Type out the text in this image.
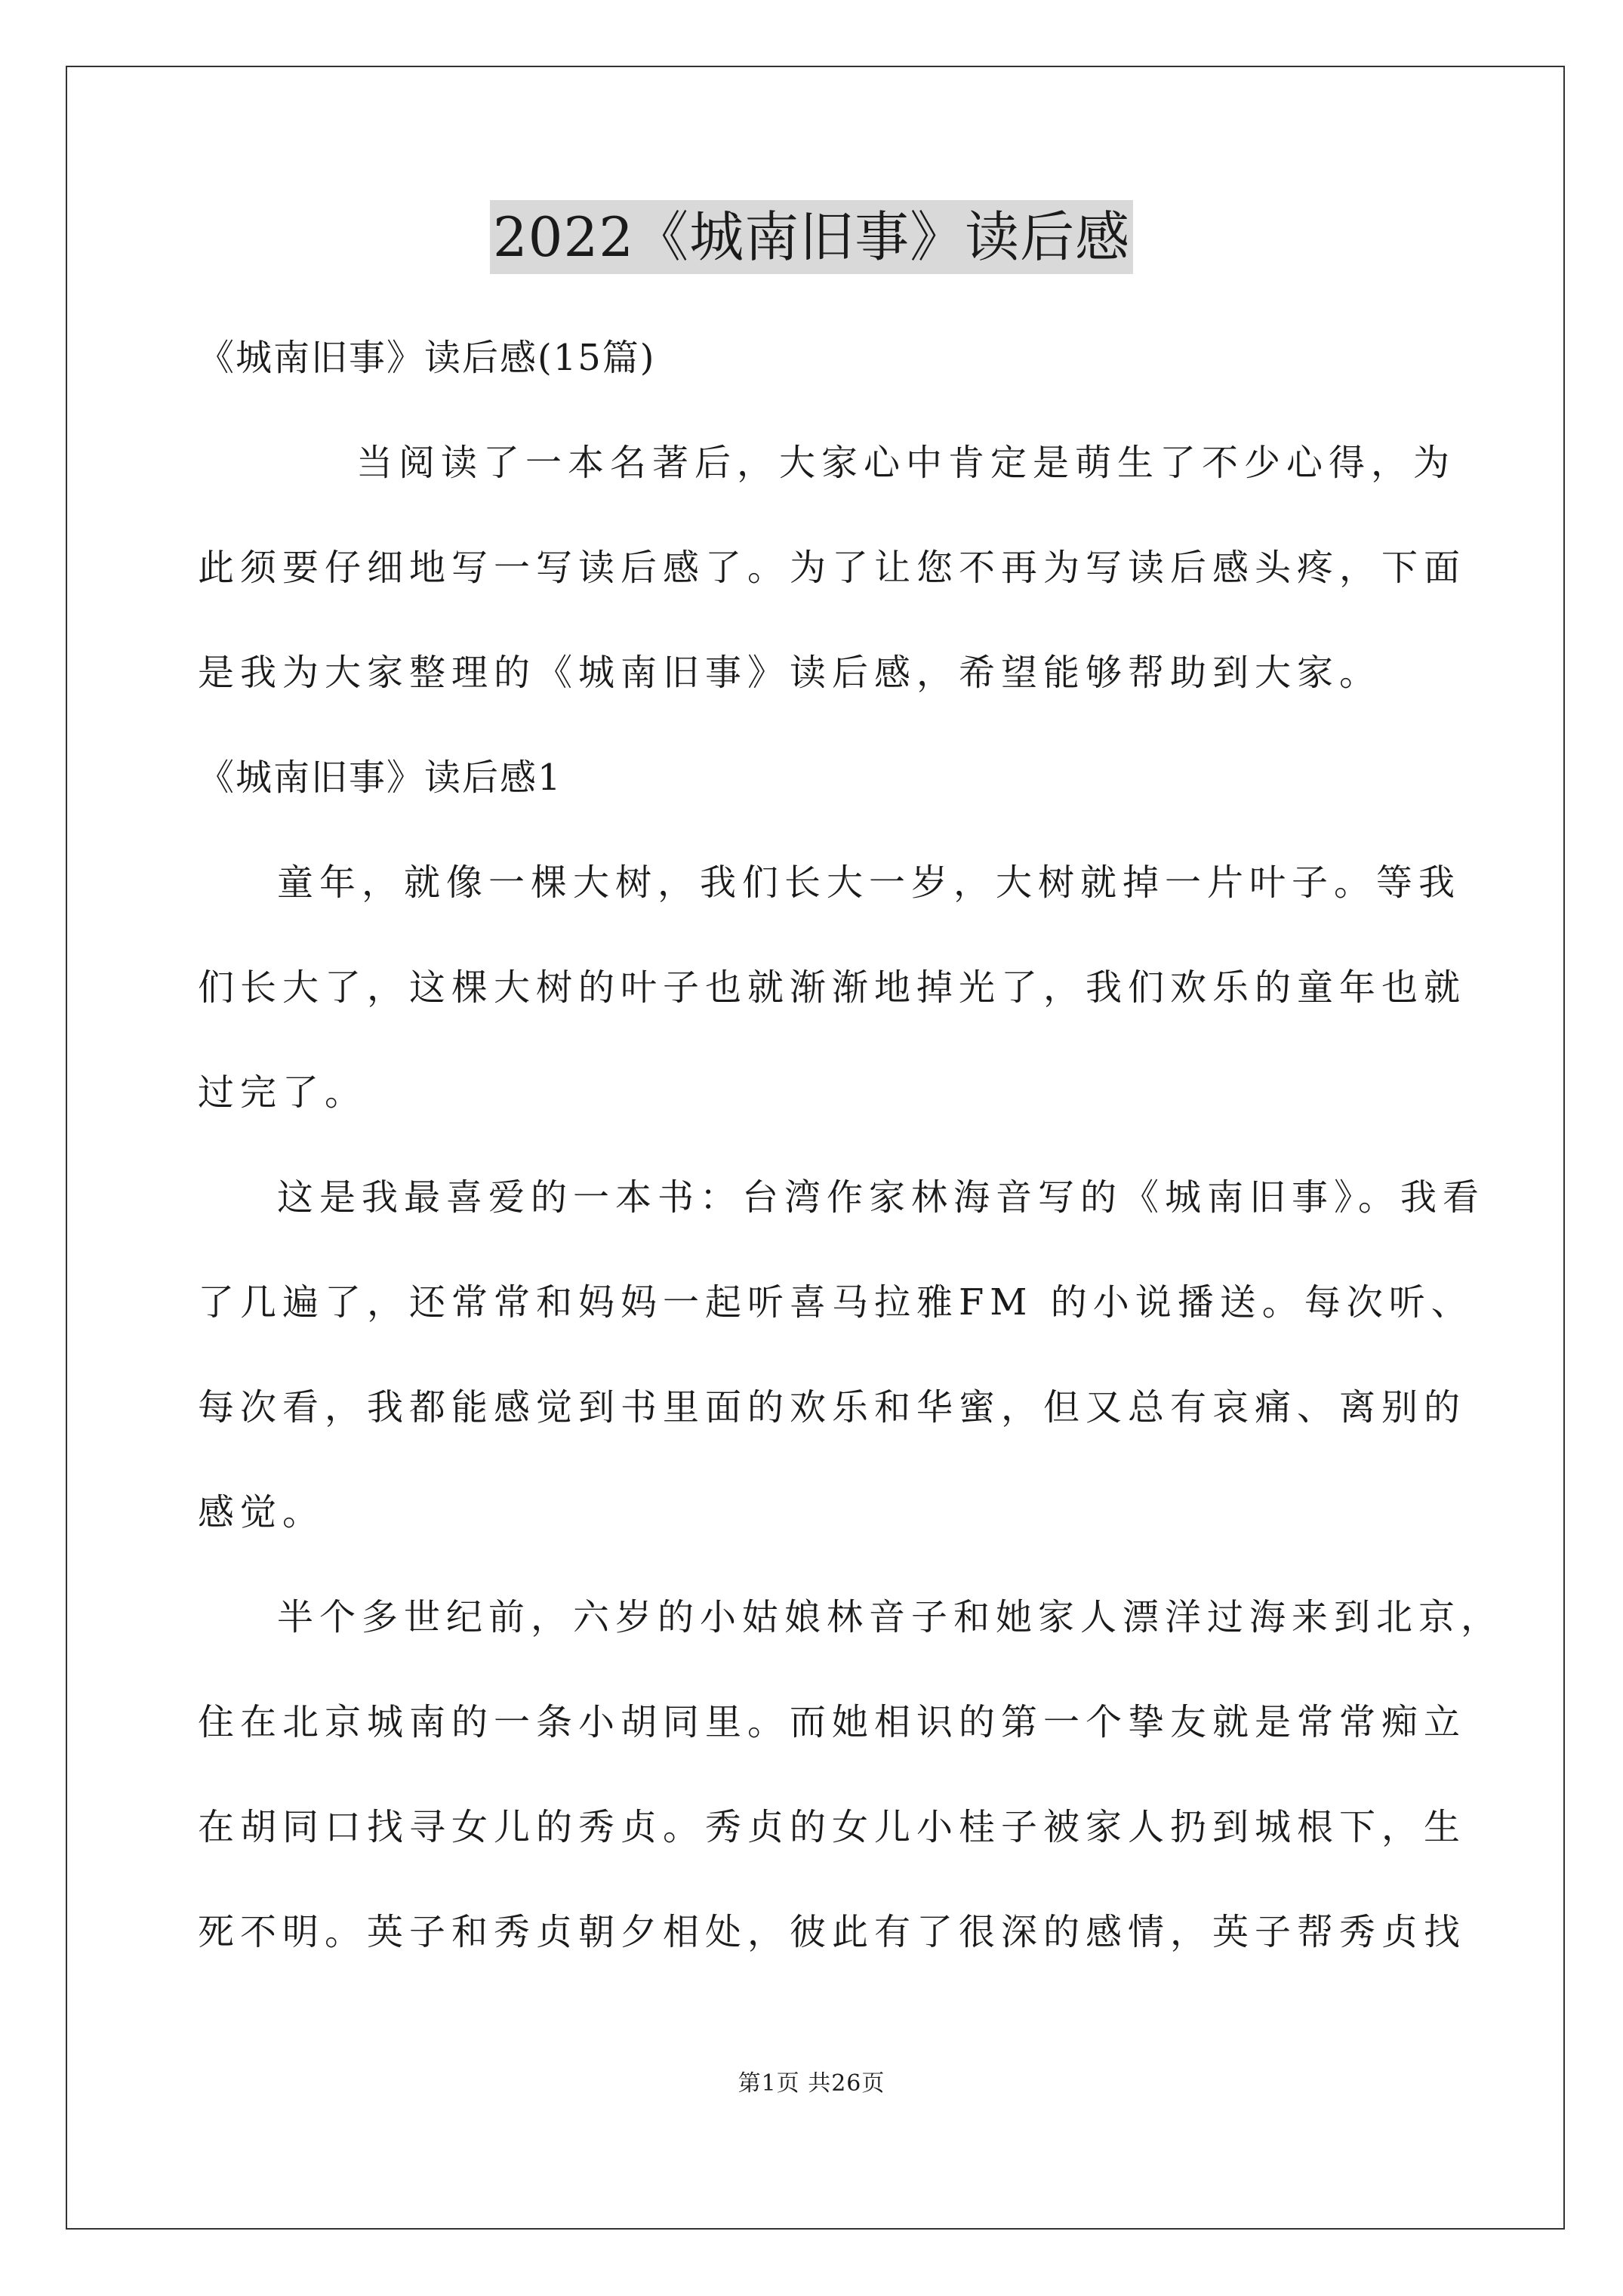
2022《城南旧事》读后感
《城南旧事》读后感(15篇)
当阅读了一本名著后，大家心中肯定是萌生了不少心得，为
此须要仔细地写一写读后感了。为了让您不再为写读后感头疼，下面
是我为大家整理的《城南旧事》读后感，希望能够帮助到大家。
《城南旧事》读后感1
童年，就像一棵大树，我们长大一岁，大树就掉一片叶子。等我
们长大了，这棵大树的叶子也就渐渐地掉光了，我们欢乐的童年也就
过完了。
这是我最喜爱的一本书：台湾作家林海音写的《城南旧事》。我看
了几遍了，还常常和妈妈一起听喜马拉雅FM 的小说播送。每次听、
每次看，我都能感觉到书里面的欢乐和华蜜，但又总有哀痛、离别的
感觉。
半个多世纪前，六岁的小姑娘林音子和她家人漂洋过海来到北京，
住在北京城南的一条小胡同里。而她相识的第一个挚友就是常常痴立
在胡同口找寻女儿的秀贞。秀贞的女儿小桂子被家人扔到城根下，生
死不明。英子和秀贞朝夕相处，彼此有了很深的感情，英子帮秀贞找
第1页 共26页
